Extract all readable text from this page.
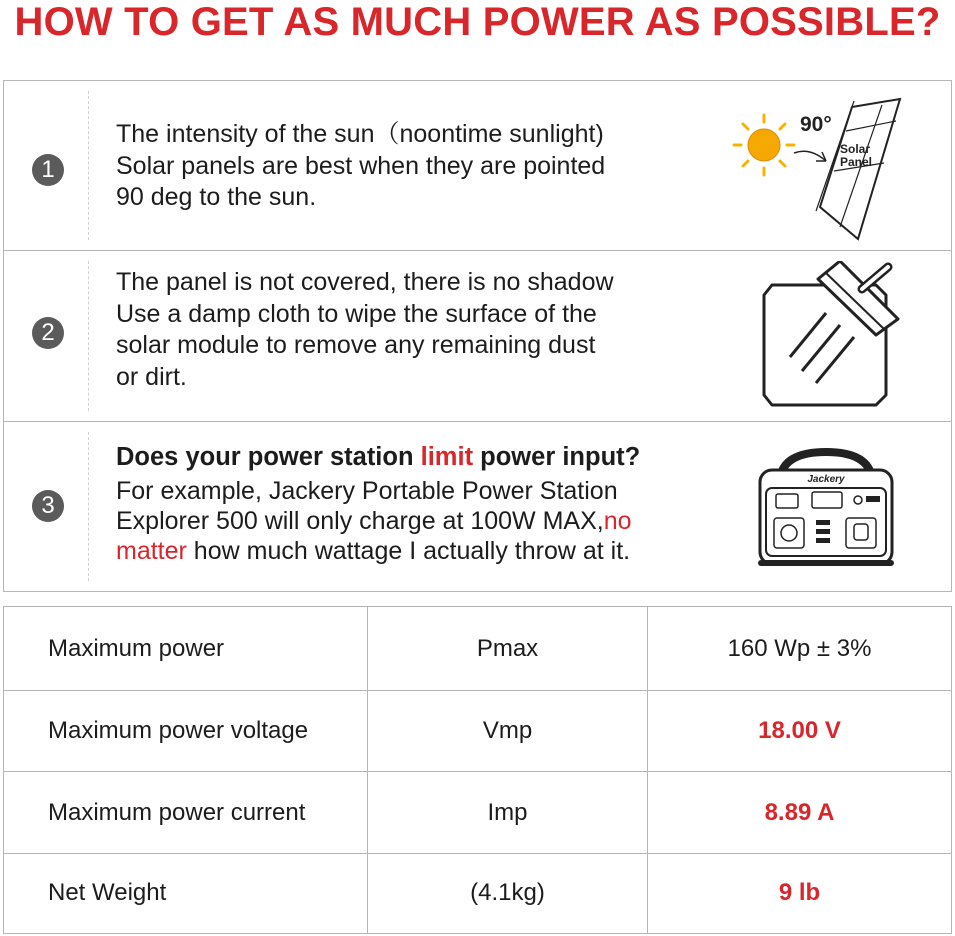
HOW TO GET AS MUCH POWER AS POSSIBLE?
1
The intensity of the sun（noontime sunlight)
Solar panels are best when they are pointed
90 deg to the sun.
90°
Solar
Panel
2
The panel is not covered, there is no shadow
Use a damp cloth to wipe the surface of the
solar module to remove any remaining dust
or dirt.
3
Does your power station limit power input?
For example, Jackery Portable Power Station
Explorer 500 will only charge at 100W MAX,no
matter how much wattage I actually throw at it.
Jackery
Maximum power	Pmax	160 Wp ± 3%
Maximum power voltage	Vmp	18.00 V
Maximum power current	Imp	8.89 A
Net Weight	(4.1kg)	9 lb
